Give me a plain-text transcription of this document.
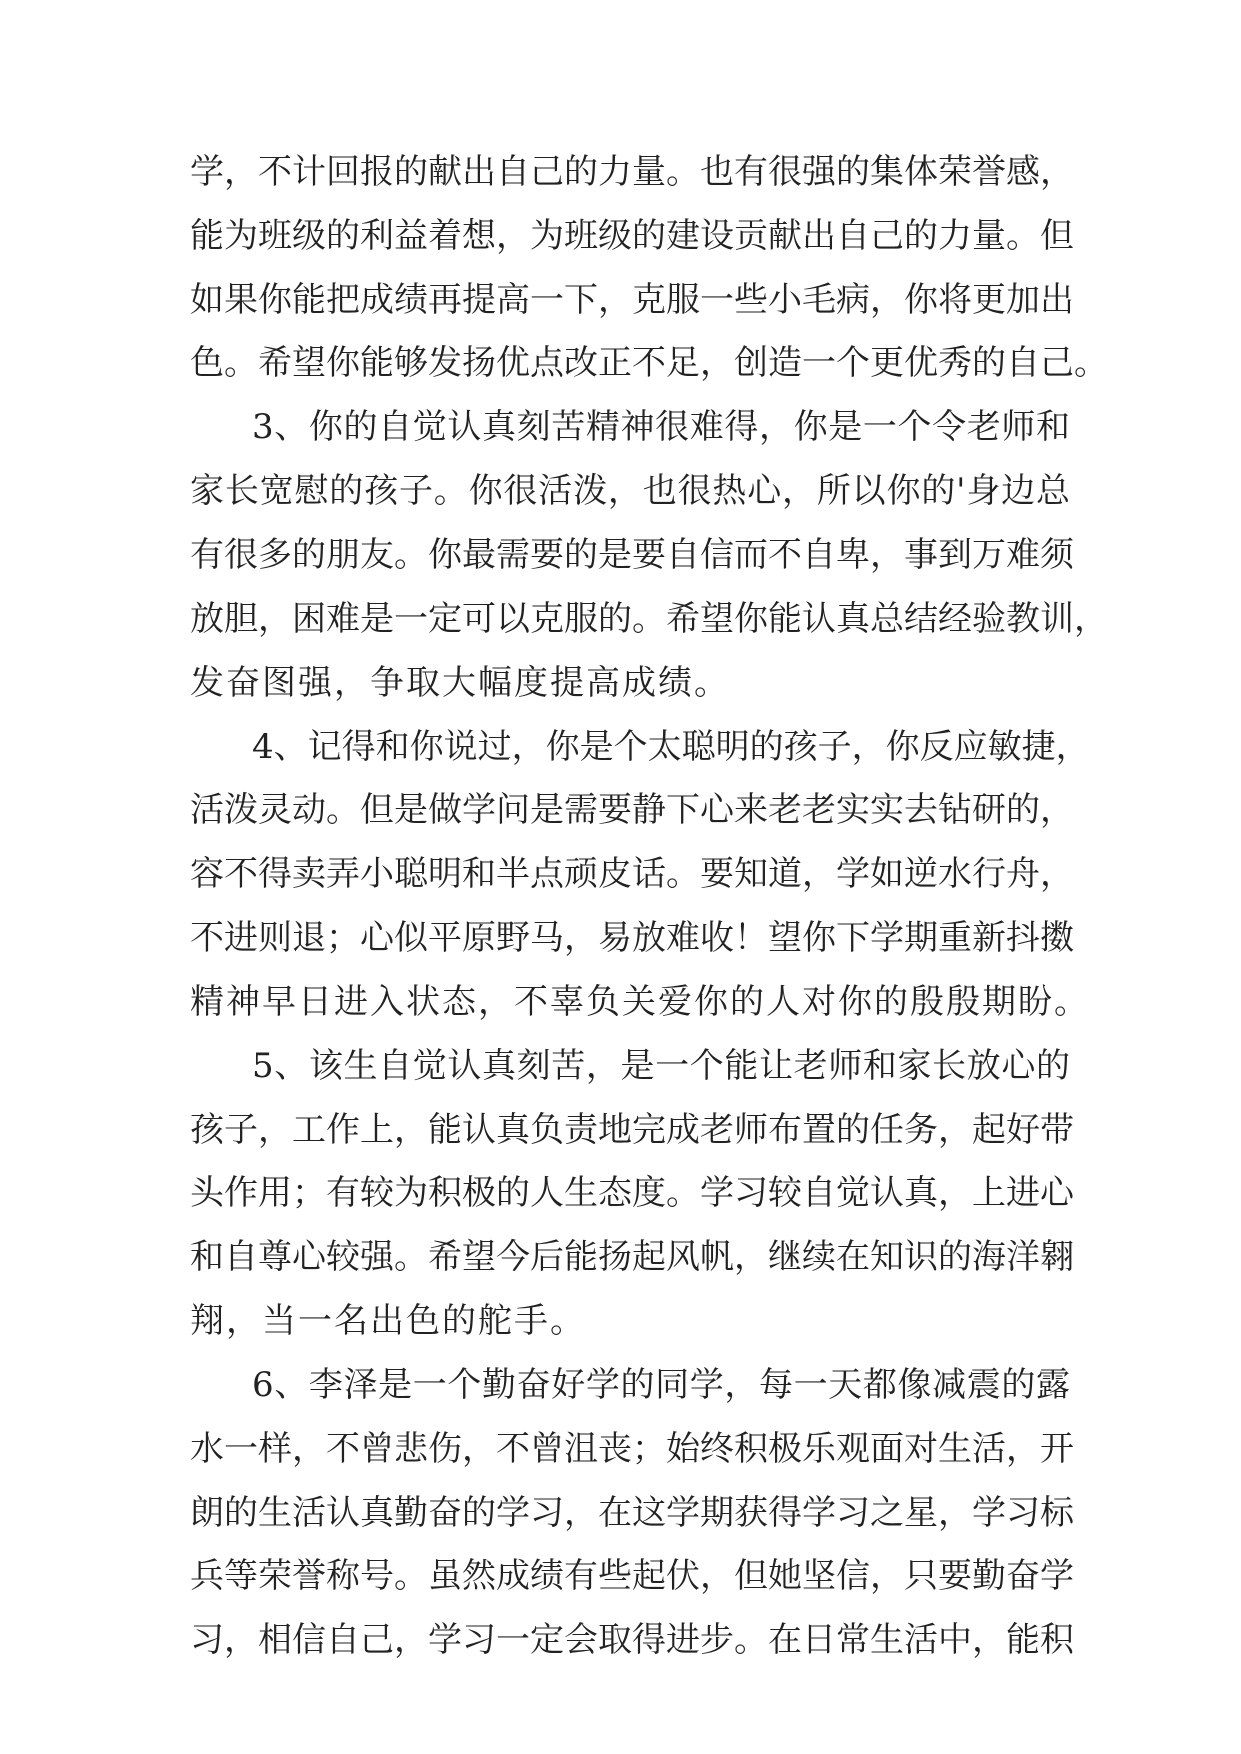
学，不计回报的献出自己的力量。也有很强的集体荣誉感，
能为班级的利益着想，为班级的建设贡献出自己的力量。但
如果你能把成绩再提高一下，克服一些小毛病，你将更加出
色。希望你能够发扬优点改正不足，创造一个更优秀的自己。
3、你的自觉认真刻苦精神很难得，你是一个令老师和
家长宽慰的孩子。你很活泼，也很热心，所以你的'身边总
有很多的朋友。你最需要的是要自信而不自卑，事到万难须
放胆，困难是一定可以克服的。希望你能认真总结经验教训，
发奋图强，争取大幅度提高成绩。
4、记得和你说过，你是个太聪明的孩子，你反应敏捷，
活泼灵动。但是做学问是需要静下心来老老实实去钻研的，
容不得卖弄小聪明和半点顽皮话。要知道，学如逆水行舟，
不进则退；心似平原野马，易放难收！望你下学期重新抖擞
精神早日进入状态，不辜负关爱你的人对你的殷殷期盼。
5、该生自觉认真刻苦，是一个能让老师和家长放心的
孩子，工作上，能认真负责地完成老师布置的任务，起好带
头作用；有较为积极的人生态度。学习较自觉认真，上进心
和自尊心较强。希望今后能扬起风帆，继续在知识的海洋翱
翔，当一名出色的舵手。
6、李泽是一个勤奋好学的同学，每一天都像减震的露
水一样，不曾悲伤，不曾沮丧；始终积极乐观面对生活，开
朗的生活认真勤奋的学习，在这学期获得学习之星，学习标
兵等荣誉称号。虽然成绩有些起伏，但她坚信，只要勤奋学
习，相信自己，学习一定会取得进步。在日常生活中，能积
